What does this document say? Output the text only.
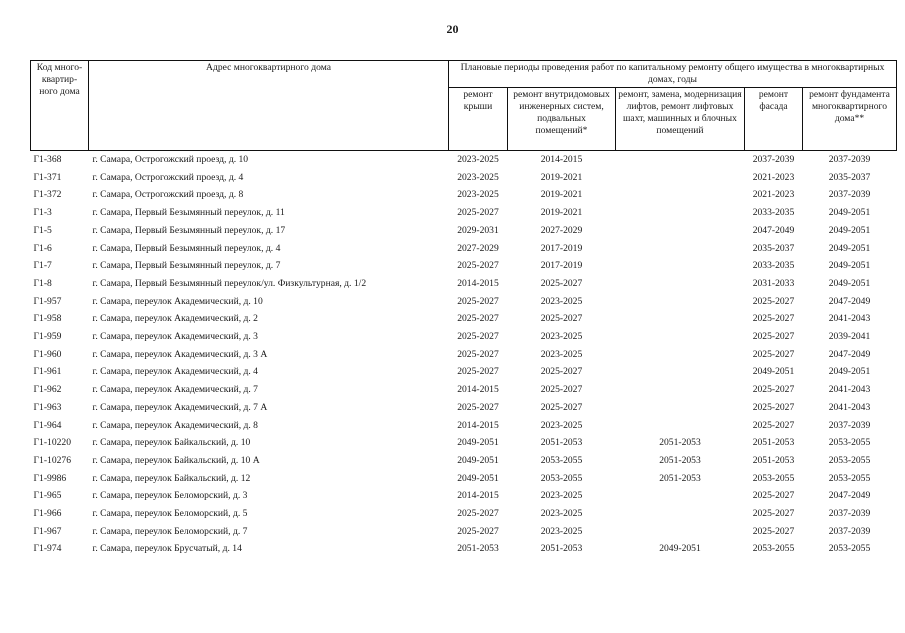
20
Код много-квартир-ного дома	Адрес многоквартирного дома	Плановые периоды проведения работ по капитальному ремонту общего имущества в многоквартирных домах, годы				
		ремонт крыши	ремонт внутридомовых инженерных систем, подвальных помещений*	ремонт, замена, модернизация лифтов, ремонт лифтовых шахт, машинных и блочных помещений	ремонт фасада	ремонт фундамента многоквартирного дома**
Г1-368	г. Самара, Острогожский проезд, д. 10	2023-2025	2014-2015		2037-2039	2037-2039
Г1-371	г. Самара, Острогожский проезд, д. 4	2023-2025	2019-2021		2021-2023	2035-2037
Г1-372	г. Самара, Острогожский проезд, д. 8	2023-2025	2019-2021		2021-2023	2037-2039
Г1-3	г. Самара, Первый Безымянный переулок, д. 11	2025-2027	2019-2021		2033-2035	2049-2051
Г1-5	г. Самара, Первый Безымянный переулок, д. 17	2029-2031	2027-2029		2047-2049	2049-2051
Г1-6	г. Самара, Первый Безымянный переулок, д. 4	2027-2029	2017-2019		2035-2037	2049-2051
Г1-7	г. Самара, Первый Безымянный переулок, д. 7	2025-2027	2017-2019		2033-2035	2049-2051
Г1-8	г. Самара, Первый Безымянный переулок/ул. Физкультурная, д. 1/2	2014-2015	2025-2027		2031-2033	2049-2051
Г1-957	г. Самара, переулок Академический, д. 10	2025-2027	2023-2025		2025-2027	2047-2049
Г1-958	г. Самара, переулок Академический, д. 2	2025-2027	2025-2027		2025-2027	2041-2043
Г1-959	г. Самара, переулок Академический, д. 3	2025-2027	2023-2025		2025-2027	2039-2041
Г1-960	г. Самара, переулок Академический, д. 3 А	2025-2027	2023-2025		2025-2027	2047-2049
Г1-961	г. Самара, переулок Академический, д. 4	2025-2027	2025-2027		2049-2051	2049-2051
Г1-962	г. Самара, переулок Академический, д. 7	2014-2015	2025-2027		2025-2027	2041-2043
Г1-963	г. Самара, переулок Академический, д. 7 А	2025-2027	2025-2027		2025-2027	2041-2043
Г1-964	г. Самара, переулок Академический, д. 8	2014-2015	2023-2025		2025-2027	2037-2039
Г1-10220	г. Самара, переулок Байкальский, д. 10	2049-2051	2051-2053	2051-2053	2051-2053	2053-2055
Г1-10276	г. Самара, переулок Байкальский, д. 10 А	2049-2051	2053-2055	2051-2053	2051-2053	2053-2055
Г1-9986	г. Самара, переулок Байкальский, д. 12	2049-2051	2053-2055	2051-2053	2053-2055	2053-2055
Г1-965	г. Самара, переулок Беломорский, д. 3	2014-2015	2023-2025		2025-2027	2047-2049
Г1-966	г. Самара, переулок Беломорский, д. 5	2025-2027	2023-2025		2025-2027	2037-2039
Г1-967	г. Самара, переулок Беломорский, д. 7	2025-2027	2023-2025		2025-2027	2037-2039
Г1-974	г. Самара, переулок Брусчатый, д. 14	2051-2053	2051-2053	2049-2051	2053-2055	2053-2055
